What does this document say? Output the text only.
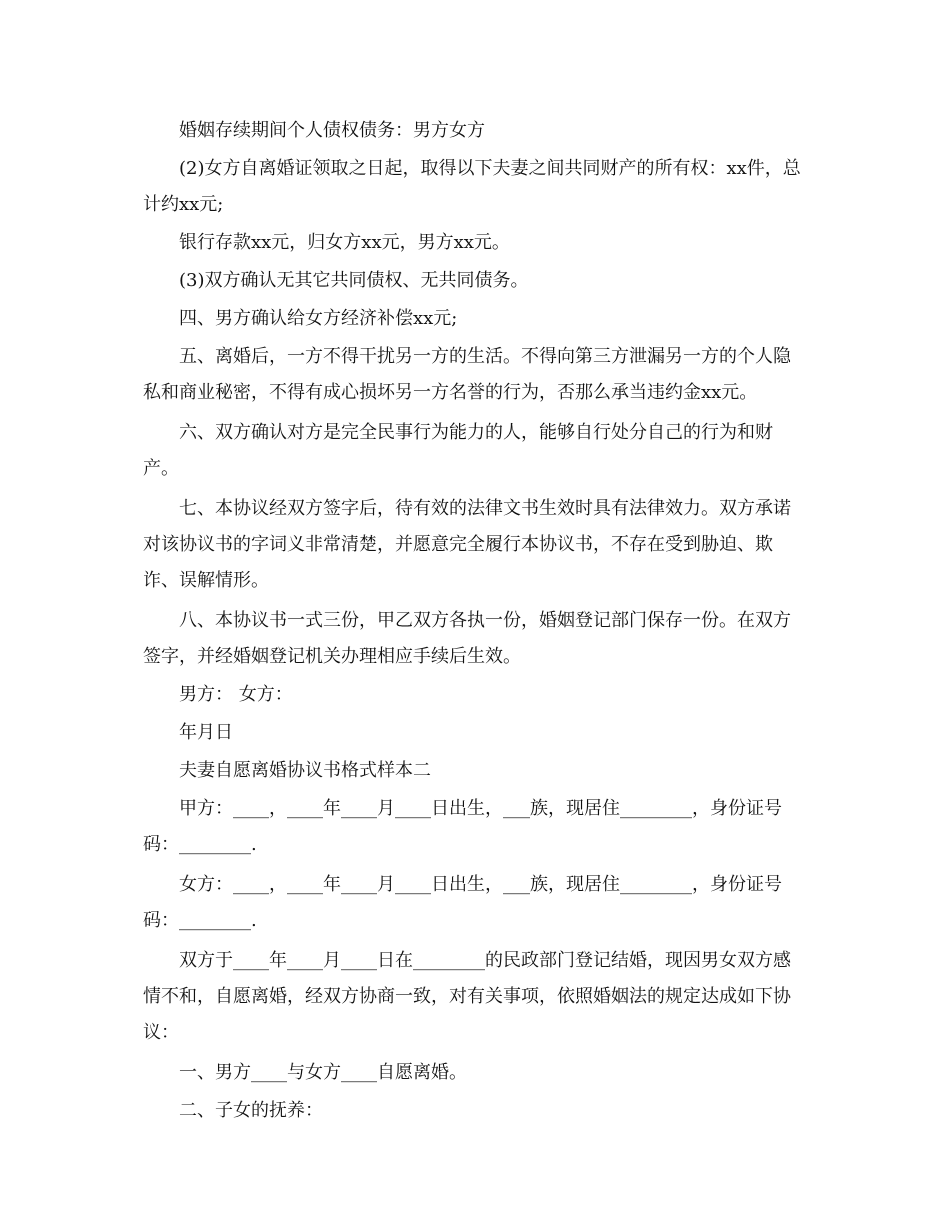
婚姻存续期间个人债权债务：男方女方

(2)女方自离婚证领取之日起，取得以下夫妻之间共同财产的所有权：xx件，总计约xx元;

银行存款xx元，归女方xx元，男方xx元。

(3)双方确认无其它共同债权、无共同债务。

四、男方确认给女方经济补偿xx元;

五、离婚后，一方不得干扰另一方的生活。不得向第三方泄漏另一方的个人隐私和商业秘密，不得有成心损坏另一方名誉的行为，否那么承当违约金xx元。

六、双方确认对方是完全民事行为能力的人，能够自行处分自己的行为和财产。

七、本协议经双方签字后，待有效的法律文书生效时具有法律效力。双方承诺对该协议书的字词义非常清楚，并愿意完全履行本协议书，不存在受到胁迫、欺诈、误解情形。

八、本协议书一式三份，甲乙双方各执一份，婚姻登记部门保存一份。在双方签字，并经婚姻登记机关办理相应手续后生效。

男方： 女方：

年月日

夫妻自愿离婚协议书格式样本二

甲方：____，____年____月____日出生，___族，现居住________，身份证号码：________.

女方：____，____年____月____日出生，___族，现居住________，身份证号码：________.

双方于____年____月____日在________的民政部门登记结婚，现因男女双方感情不和，自愿离婚，经双方协商一致，对有关事项，依照婚姻法的规定达成如下协议：

一、男方____与女方____自愿离婚。

二、子女的抚养：
